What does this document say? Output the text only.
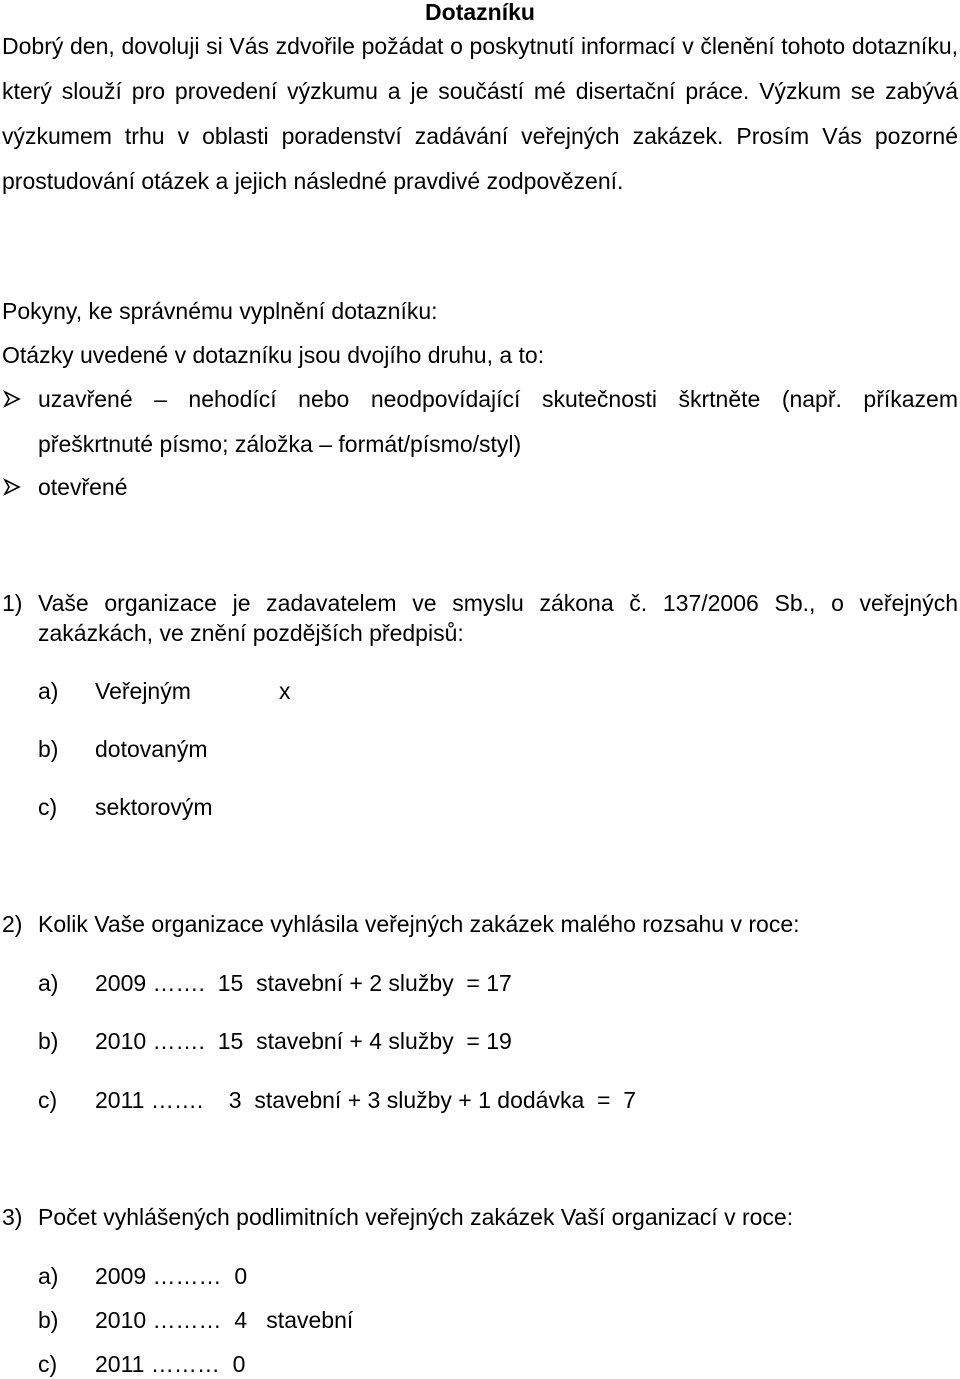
Dotazníku
Dobrý den, dovoluji si Vás zdvořile požádat o poskytnutí informací v členění tohoto dotazníku, který slouží pro provedení výzkumu a je součástí mé disertační práce. Výzkum se zabývá výzkumem trhu v oblasti poradenství zadávání veřejných zakázek. Prosím Vás pozorné prostudování otázek a jejich následné pravdivé zodpovězení.
Pokyny, ke správnému vyplnění dotazníku:
Otázky uvedené v dotazníku jsou dvojího druhu, a to:
uzavřené – nehodící nebo neodpovídající skutečnosti škrtněte (např. příkazem
přeškrtnuté písmo; záložka – formát/písmo/styl)
otevřené
1) Vaše organizace je zadavatelem ve smyslu zákona č. 137/2006 Sb., o veřejných
zakázkách, ve znění pozdějších předpisů:
a) Veřejným	x
b) dotovaným
c) sektorovým
2) Kolik Vaše organizace vyhlásila veřejných zakázek malého rozsahu v roce:
a) 2009 …….  15  stavební + 2 služby  = 17
b) 2010 …….  15  stavební + 4 služby  = 19
c) 2011 …….    3  stavební + 3 služby + 1 dodávka  =  7
3) Počet vyhlášených podlimitních veřejných zakázek Vaší organizací v roce:
a) 2009 ………  0
b) 2010 ………  4   stavební
c) 2011 ………  0
